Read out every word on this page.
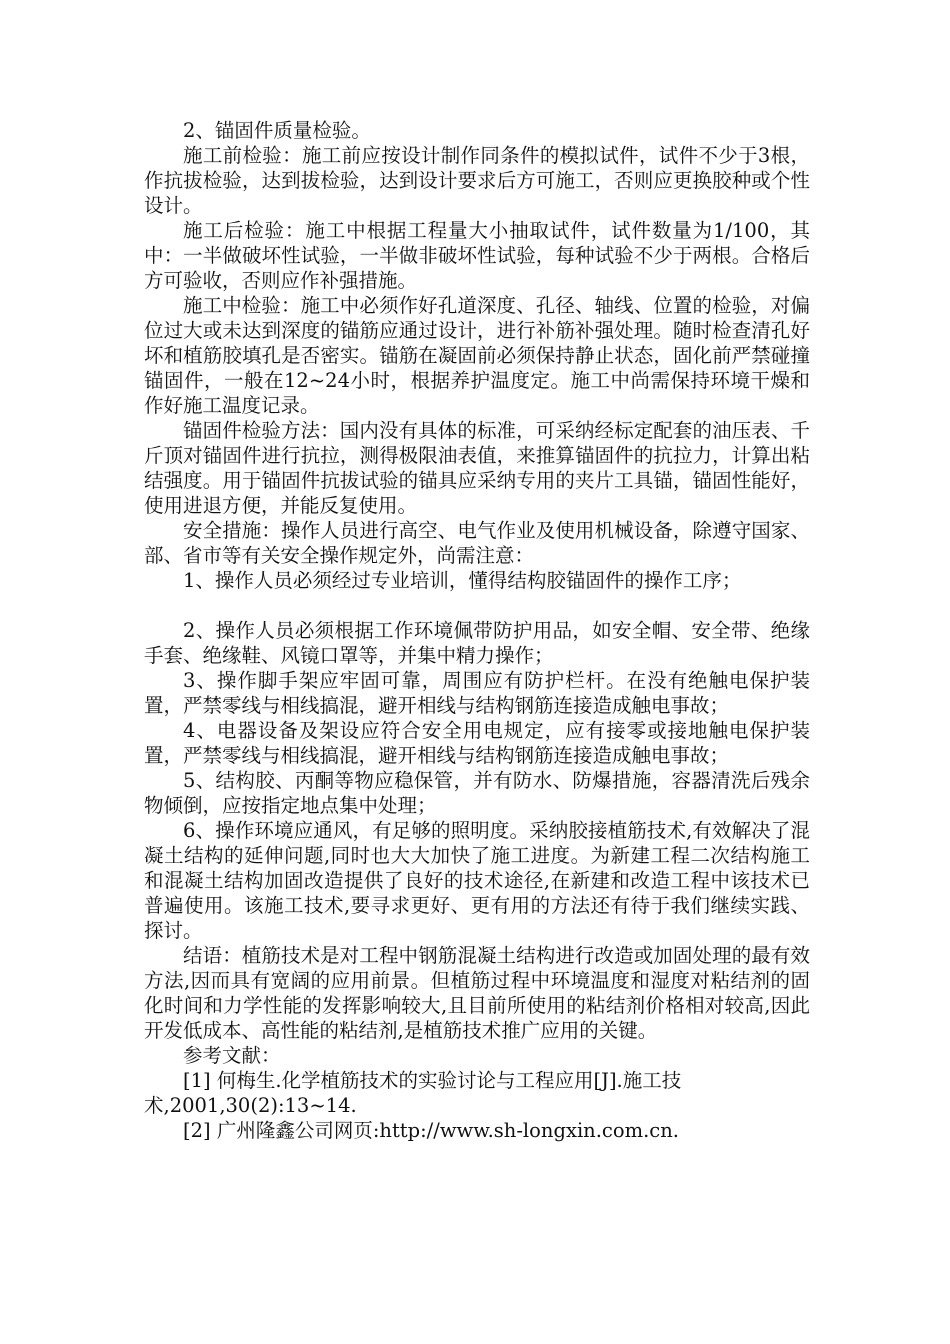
2、锚固件质量检验。

施工前检验：施工前应按设计制作同条件的模拟试件，试件不少于3根，作抗拔检验，达到拔检验，达到设计要求后方可施工，否则应更换胶种或个性设计。

施工后检验：施工中根据工程量大小抽取试件，试件数量为1/100，其中：一半做破坏性试验，一半做非破坏性试验，每种试验不少于两根。合格后方可验收，否则应作补强措施。

施工中检验：施工中必须作好孔道深度、孔径、轴线、位置的检验，对偏位过大或未达到深度的锚筋应通过设计，进行补筋补强处理。随时检查清孔好坏和植筋胶填孔是否密实。锚筋在凝固前必须保持静止状态，固化前严禁碰撞锚固件，一般在12~24小时，根据养护温度定。施工中尚需保持环境干燥和作好施工温度记录。

锚固件检验方法：国内没有具体的标准，可采纳经标定配套的油压表、千斤顶对锚固件进行抗拉，测得极限油表值，来推算锚固件的抗拉力，计算出粘结强度。用于锚固件抗拔试验的锚具应采纳专用的夹片工具锚，锚固性能好，使用进退方便，并能反复使用。

安全措施：操作人员进行高空、电气作业及使用机械设备，除遵守国家、部、省市等有关安全操作规定外，尚需注意：

1、操作人员必须经过专业培训，懂得结构胶锚固件的操作工序；

2、操作人员必须根据工作环境佩带防护用品，如安全帽、安全带、绝缘手套、绝缘鞋、风镜口罩等，并集中精力操作；

3、操作脚手架应牢固可靠，周围应有防护栏杆。在没有绝触电保护装置，严禁零线与相线搞混，避开相线与结构钢筋连接造成触电事故；

4、电器设备及架设应符合安全用电规定，应有接零或接地触电保护装置，严禁零线与相线搞混，避开相线与结构钢筋连接造成触电事故；

5、结构胶、丙酮等物应稳保管，并有防水、防爆措施，容器清洗后残余物倾倒，应按指定地点集中处理；

6、操作环境应通风，有足够的照明度。采纳胶接植筋技术,有效解决了混凝土结构的延伸问题,同时也大大加快了施工进度。为新建工程二次结构施工和混凝土结构加固改造提供了良好的技术途径,在新建和改造工程中该技术已普遍使用。该施工技术,要寻求更好、更有用的方法还有待于我们继续实践、探讨。

结语：植筋技术是对工程中钢筋混凝土结构进行改造或加固处理的最有效方法,因而具有宽阔的应用前景。但植筋过程中环境温度和湿度对粘结剂的固化时间和力学性能的发挥影响较大,且目前所使用的粘结剂价格相对较高,因此开发低成本、高性能的粘结剂,是植筋技术推广应用的关键。

参考文献：

[1] 何梅生.化学植筋技术的实验讨论与工程应用[J].施工技术,2001,30(2):13~14.

[2] 广州隆鑫公司网页:http://www.sh-longxin.com.cn.
